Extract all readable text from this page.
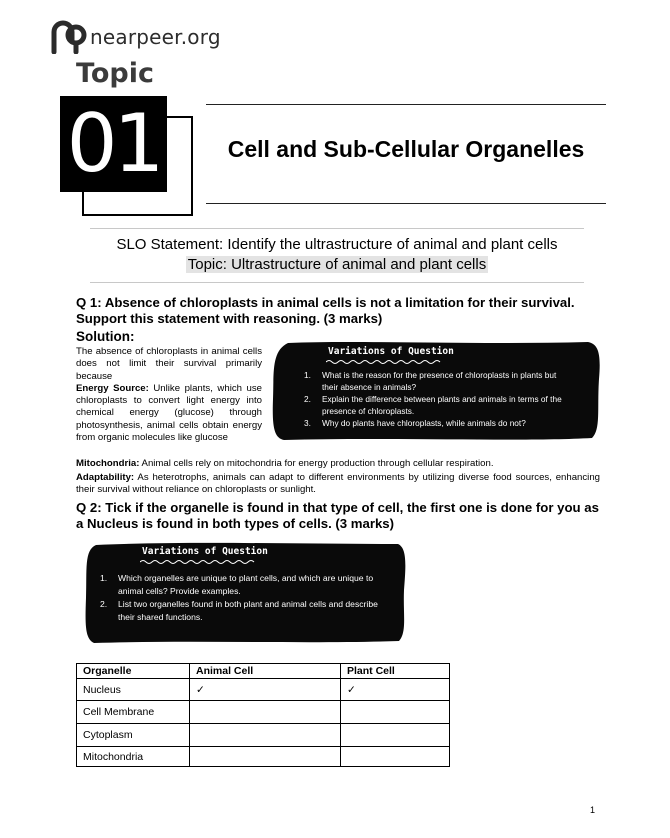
nearpeer.org
Topic
01	Cell and Sub-Cellular Organelles
SLO Statement: Identify the ultrastructure of animal and plant cells
Topic: Ultrastructure of animal and plant cells
Q 1: Absence of chloroplasts in animal cells is not a limitation for their survival. Support this statement with reasoning. (3 marks)
Solution:
The absence of chloroplasts in animal cells does not limit their survival primarily because
Energy Source: Unlike plants, which use chloroplasts to convert light energy into chemical energy (glucose) through photosynthesis, animal cells obtain energy from organic molecules like glucose
Mitochondria: Animal cells rely on mitochondria for energy production through cellular respiration.
Adaptability: As heterotrophs, animals can adapt to different environments by utilizing diverse food sources, enhancing their survival without reliance on chloroplasts or sunlight.
Variations of Question
1. What is the reason for the presence of chloroplasts in plants but their absence in animals?
2. Explain the difference between plants and animals in terms of the presence of chloroplasts.
3. Why do plants have chloroplasts, while animals do not?
Q 2: Tick if the organelle is found in that type of cell, the first one is done for you as a Nucleus is found in both types of cells. (3 marks)
Variations of Question
1. Which organelles are unique to plant cells, and which are unique to animal cells? Provide examples.
2. List two organelles found in both plant and animal cells and describe their shared functions.
Organelle	Animal Cell	Plant Cell
Nucleus	✓	✓
Cell Membrane		
Cytoplasm		
Mitochondria		
1
